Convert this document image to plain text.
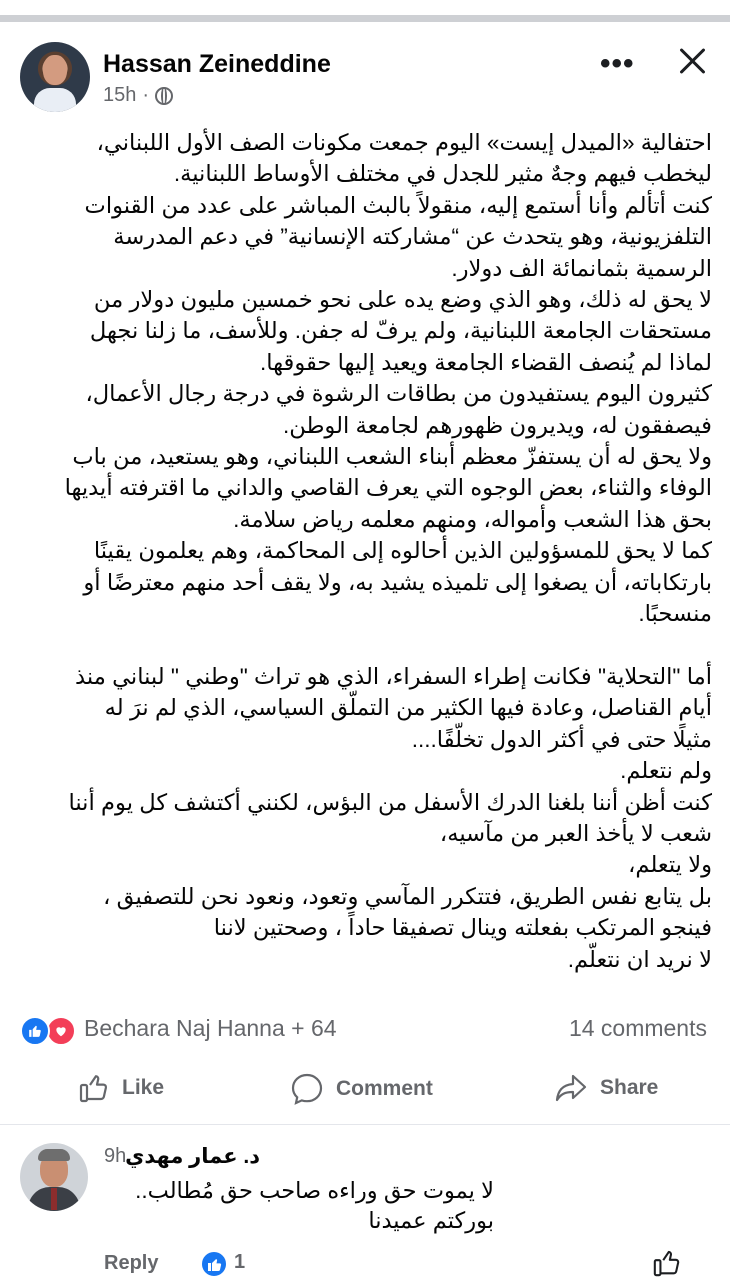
Hassan Zeineddine
15h ·
•••

احتفالية «الميدل إيست» اليوم جمعت مكونات الصف الأول اللبناني،

ليخطب فيهم وجهٌ مثير للجدل في مختلف الأوساط اللبنانية.

كنت أتألم وأنا أستمع إليه، منقولاً بالبث المباشر على عدد من القنوات

التلفزيونية، وهو يتحدث عن “مشاركته الإنسانية” في دعم المدرسة

الرسمية بثمانمائة الف دولار.

لا يحق له ذلك، وهو الذي وضع يده على نحو خمسين مليون دولار من

مستحقات الجامعة اللبنانية، ولم يرفّ له جفن. وللأسف، ما زلنا نجهل

لماذا لم يُنصف القضاء الجامعة ويعيد إليها حقوقها.

كثيرون اليوم يستفيدون من بطاقات الرشوة في درجة رجال الأعمال،

فيصفقون له، ويديرون ظهورهم لجامعة الوطن.

ولا يحق له أن يستفزّ معظم أبناء الشعب اللبناني، وهو يستعيد، من باب

الوفاء والثناء، بعض الوجوه التي يعرف القاصي والداني ما اقترفته أيديها

بحق هذا الشعب وأمواله، ومنهم معلمه رياض سلامة.

كما لا يحق للمسؤولين الذين أحالوه إلى المحاكمة، وهم يعلمون يقينًا

بارتكاباته، أن يصغوا إلى تلميذه يشيد به، ولا يقف أحد منهم معترضًا أو

منسحبًا.

أما "التحلاية" فكانت إطراء السفراء، الذي هو تراث "وطني " لبناني منذ

أيام القناصل، وعادة فيها الكثير من التملّق السياسي، الذي لم نرَ له

مثيلًا حتى في أكثر الدول تخلّفًا....

ولم نتعلم.

كنت أظن أننا بلغنا الدرك الأسفل من البؤس، لكنني أكتشف كل يوم أننا

شعب لا يأخذ العبر من مآسيه،

ولا يتعلم،

بل يتابع نفس الطريق، فتتكرر المآسي وتعود، ونعود نحن للتصفيق ،

فينجو المرتكب بفعلته وينال تصفيقا حاداً ، وصحتين لاننا

لا نريد ان نتعلّم.

Bechara Naj Hanna + 64	14 comments
Like	Comment	Share
9h
د. عمار مهدي

لا يموت حق وراءه صاحب حق مُطالب..

بوركتم عميدنا

Reply	1
